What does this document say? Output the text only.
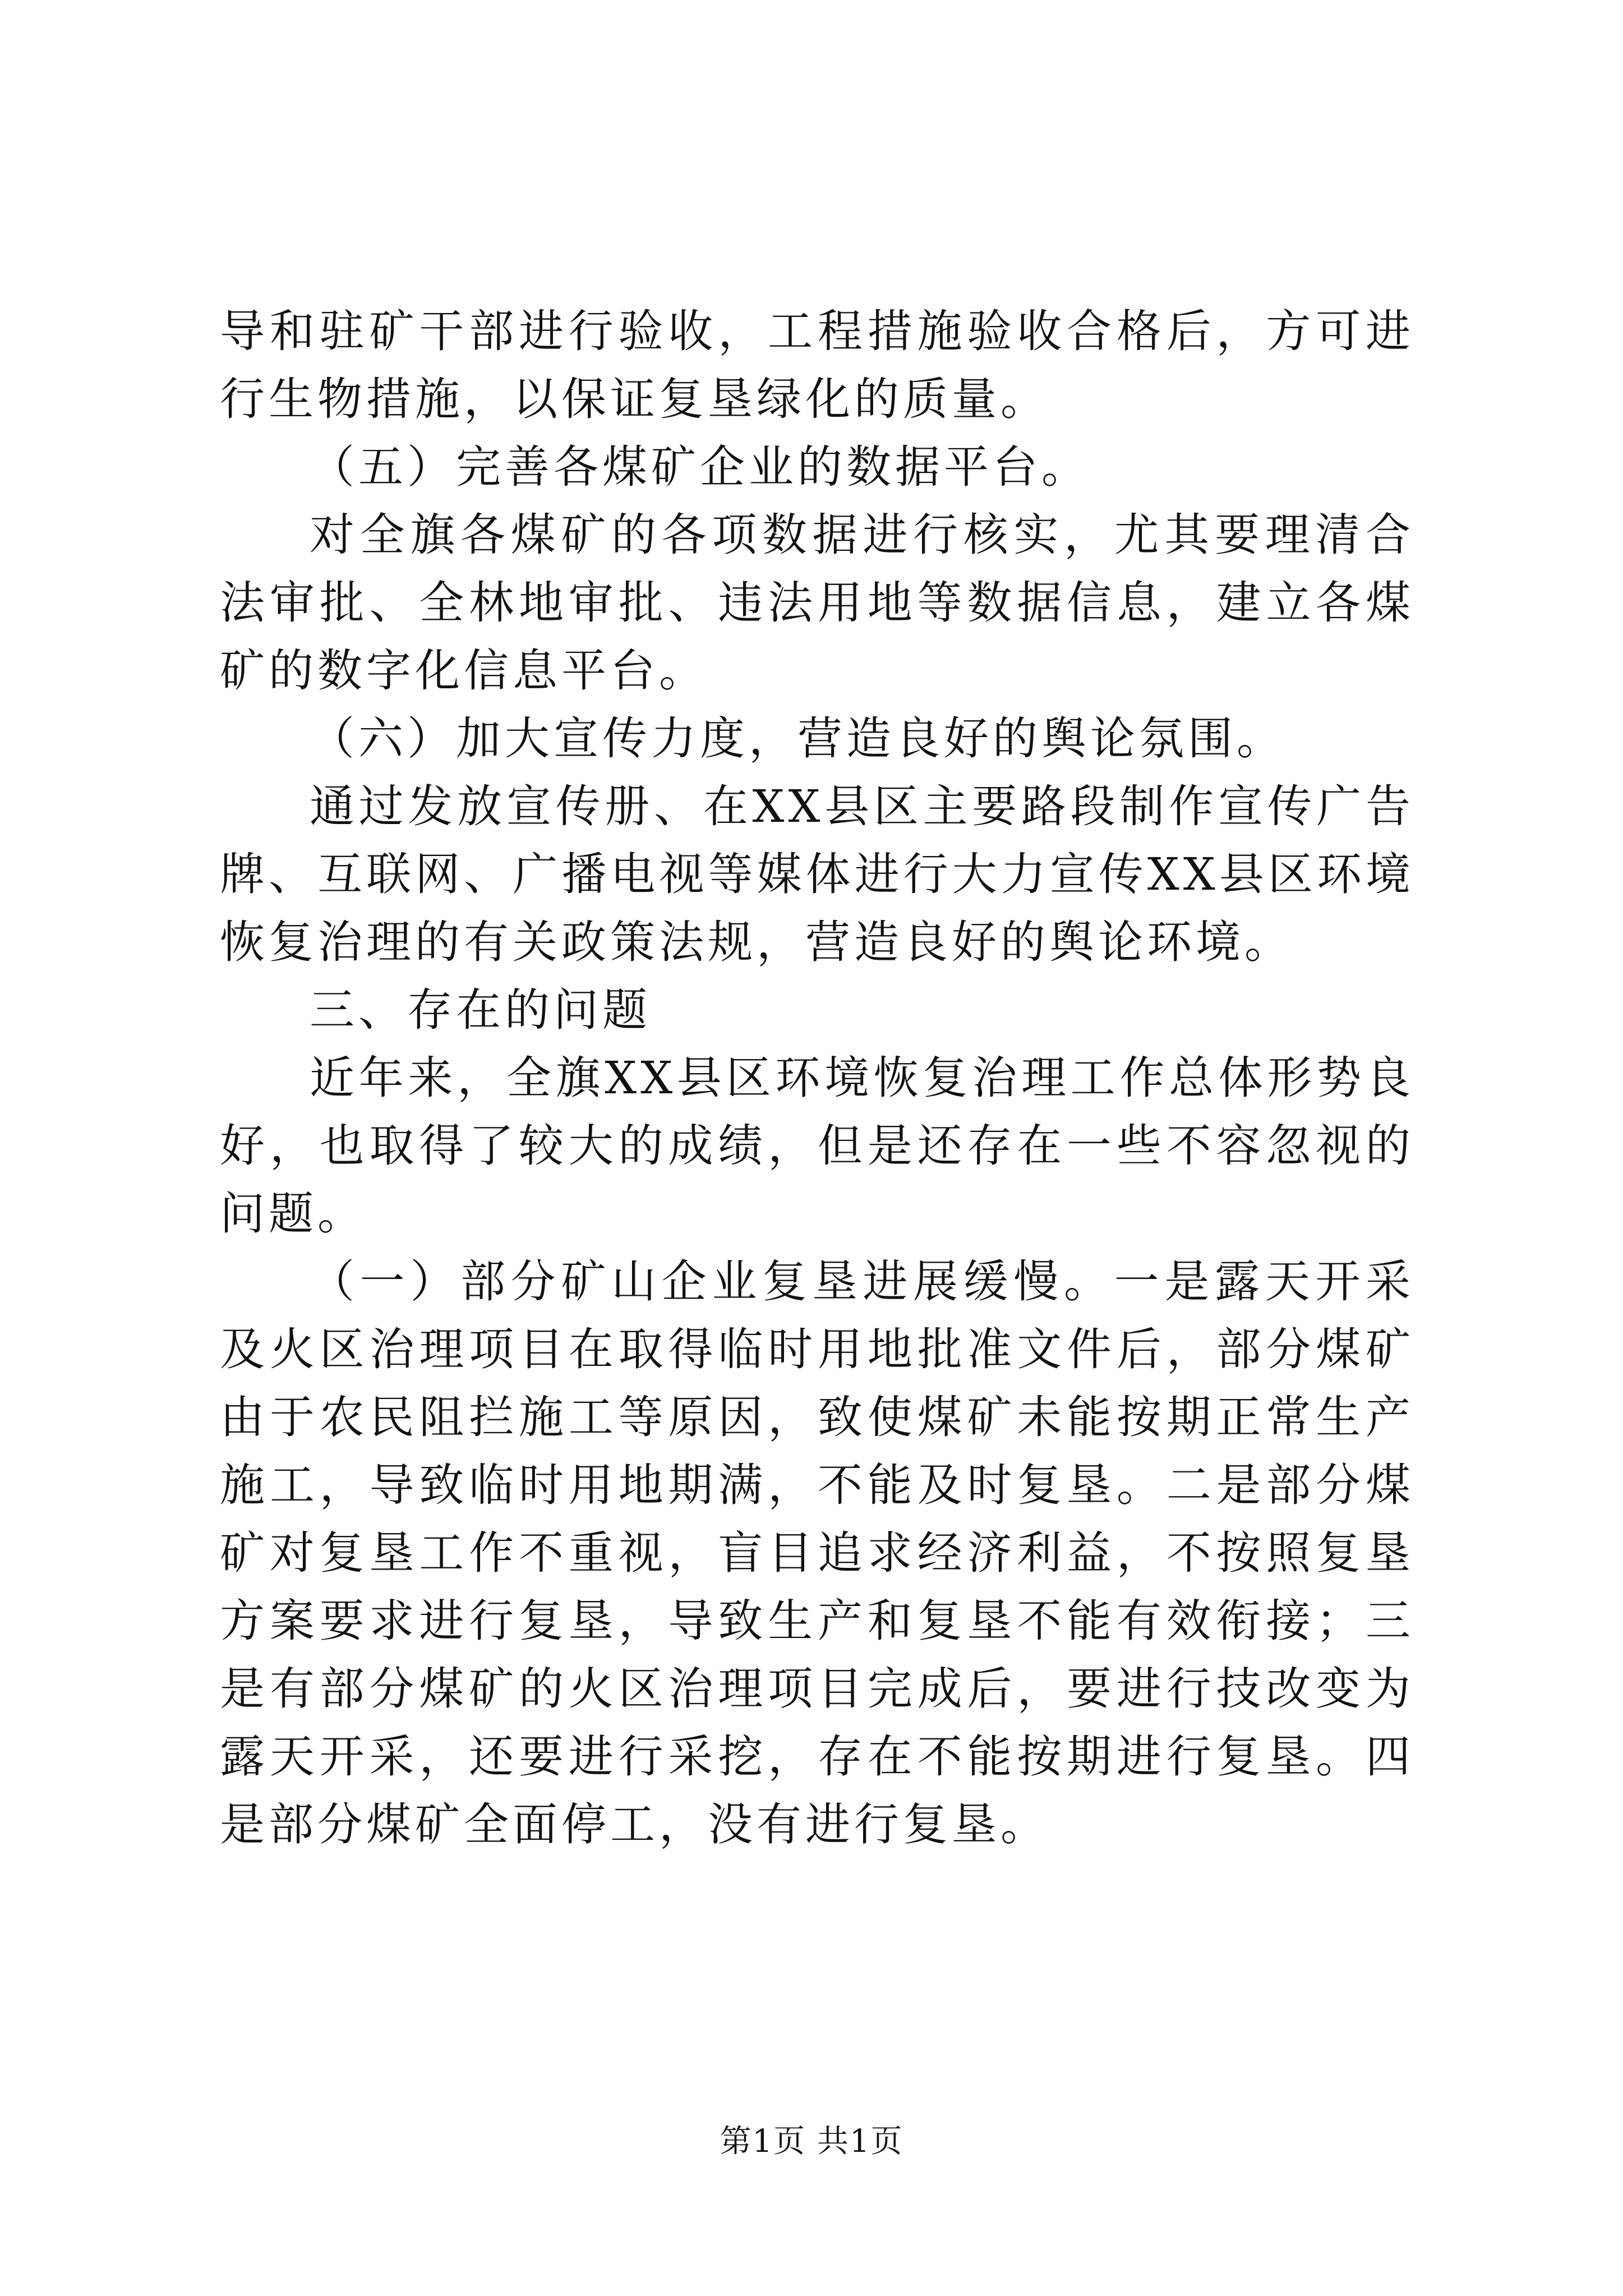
导和驻矿干部进行验收，工程措施验收合格后，方可进行生物措施，以保证复垦绿化的质量。

（五）完善各煤矿企业的数据平台。

对全旗各煤矿的各项数据进行核实，尤其要理清合法审批、全林地审批、违法用地等数据信息，建立各煤矿的数字化信息平台。

（六）加大宣传力度，营造良好的舆论氛围。

通过发放宣传册、在XX县区主要路段制作宣传广告牌、互联网、广播电视等媒体进行大力宣传XX县区环境恢复治理的有关政策法规，营造良好的舆论环境。

三、存在的问题

近年来，全旗XX县区环境恢复治理工作总体形势良好，也取得了较大的成绩，但是还存在一些不容忽视的问题。

（一）部分矿山企业复垦进展缓慢。一是露天开采及火区治理项目在取得临时用地批准文件后，部分煤矿由于农民阻拦施工等原因，致使煤矿未能按期正常生产施工，导致临时用地期满，不能及时复垦。二是部分煤矿对复垦工作不重视，盲目追求经济利益，不按照复垦方案要求进行复垦，导致生产和复垦不能有效衔接；三是有部分煤矿的火区治理项目完成后，要进行技改变为露天开采，还要进行采挖，存在不能按期进行复垦。四是部分煤矿全面停工，没有进行复垦。

第1页 共1页
